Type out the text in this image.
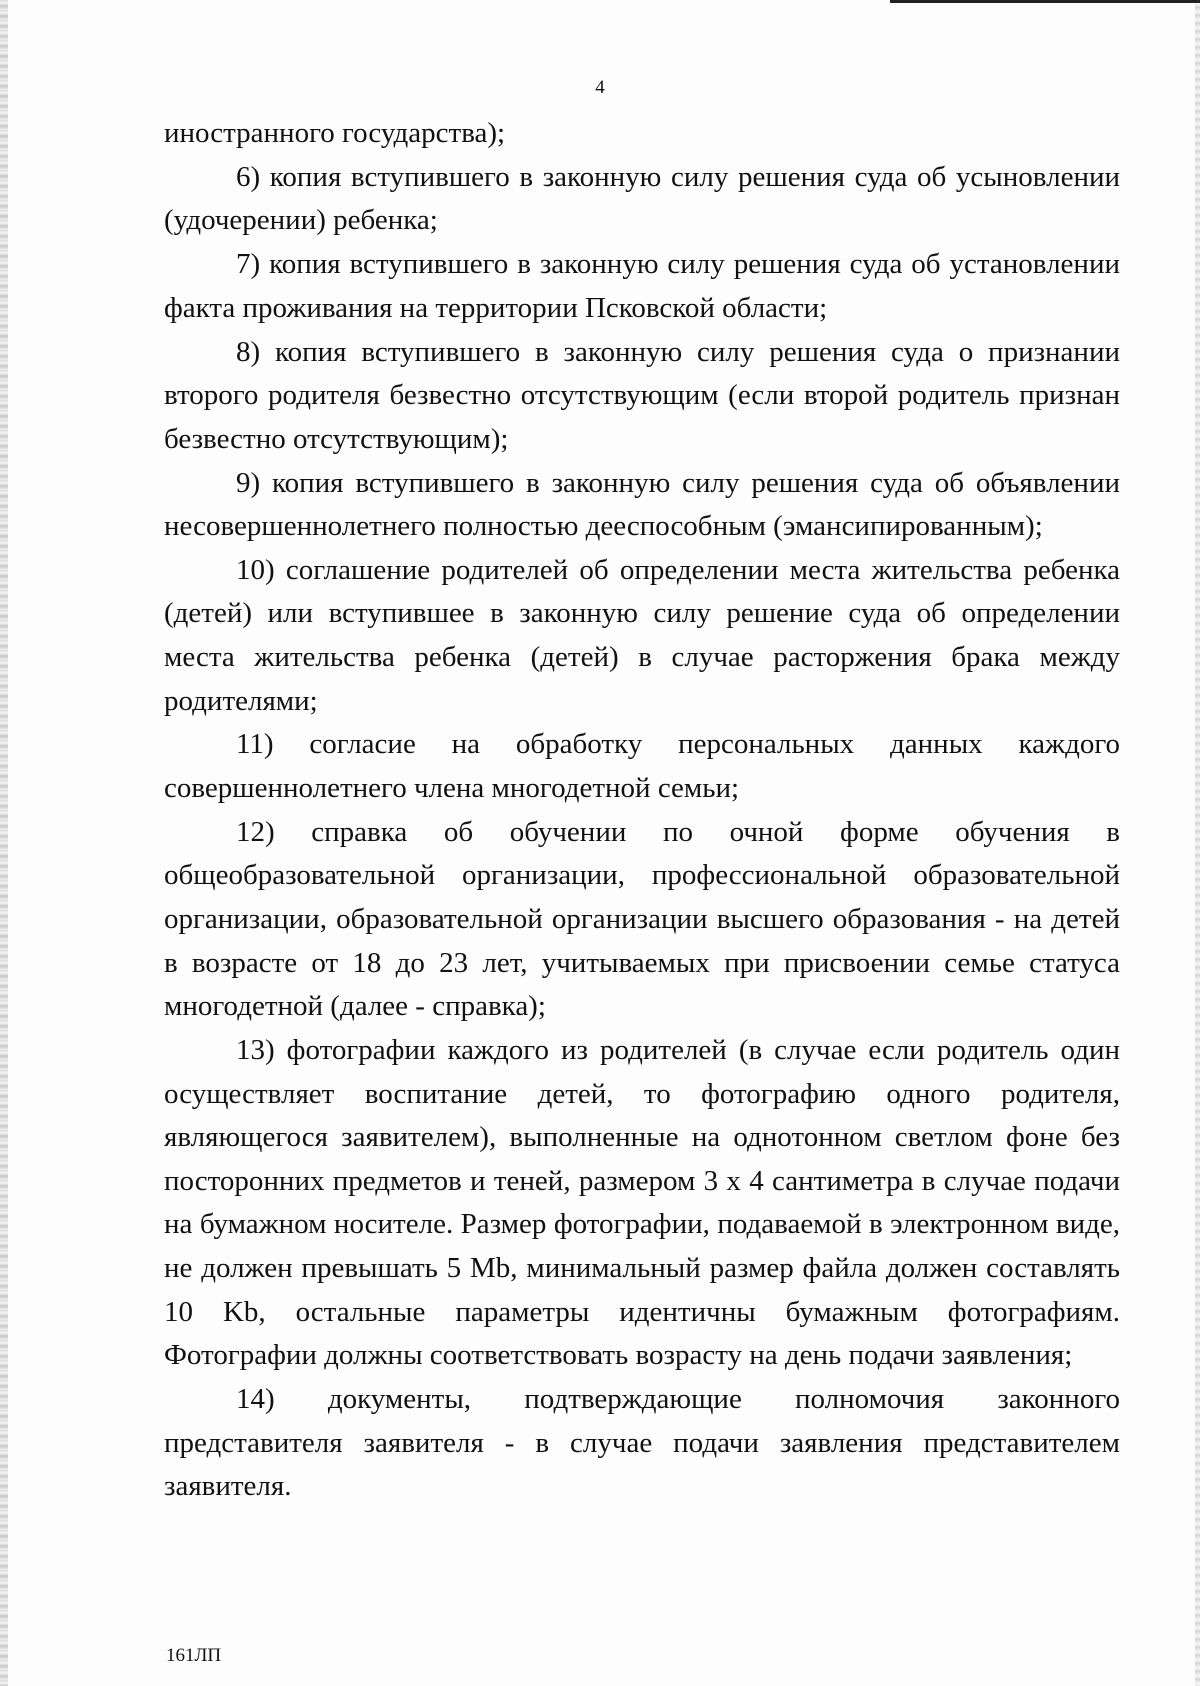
4

иностранного государства);

6) копия вступившего в законную силу решения суда об усыновлении (удочерении) ребенка;

7) копия вступившего в законную силу решения суда об установлении факта проживания на территории Псковской области;

8) копия вступившего в законную силу решения суда о признании второго родителя безвестно отсутствующим (если второй родитель признан безвестно отсутствующим);

9) копия вступившего в законную силу решения суда об объявлении несовершеннолетнего полностью дееспособным (эмансипированным);

10) соглашение родителей об определении места жительства ребенка (детей) или вступившее в законную силу решение суда об определении места жительства ребенка (детей) в случае расторжения брака между родителями;

11) согласие на обработку персональных данных каждого совершеннолетнего члена многодетной семьи;

12) справка об обучении по очной форме обучения в общеобразовательной организации, профессиональной образовательной организации, образовательной организации высшего образования - на детей в возрасте от 18 до 23 лет, учитываемых при присвоении семье статуса многодетной (далее - справка);

13) фотографии каждого из родителей (в случае если родитель один осуществляет воспитание детей, то фотографию одного родителя, являющегося заявителем), выполненные на однотонном светлом фоне без посторонних предметов и теней, размером 3 х 4 сантиметра в случае подачи на бумажном носителе. Размер фотографии, подаваемой в электронном виде, не должен превышать 5 Mb, минимальный размер файла должен составлять 10 Kb, остальные параметры идентичны бумажным фотографиям. Фотографии должны соответствовать возрасту на день подачи заявления;

14) документы, подтверждающие полномочия законного представителя заявителя - в случае подачи заявления представителем заявителя.

161ЛП
